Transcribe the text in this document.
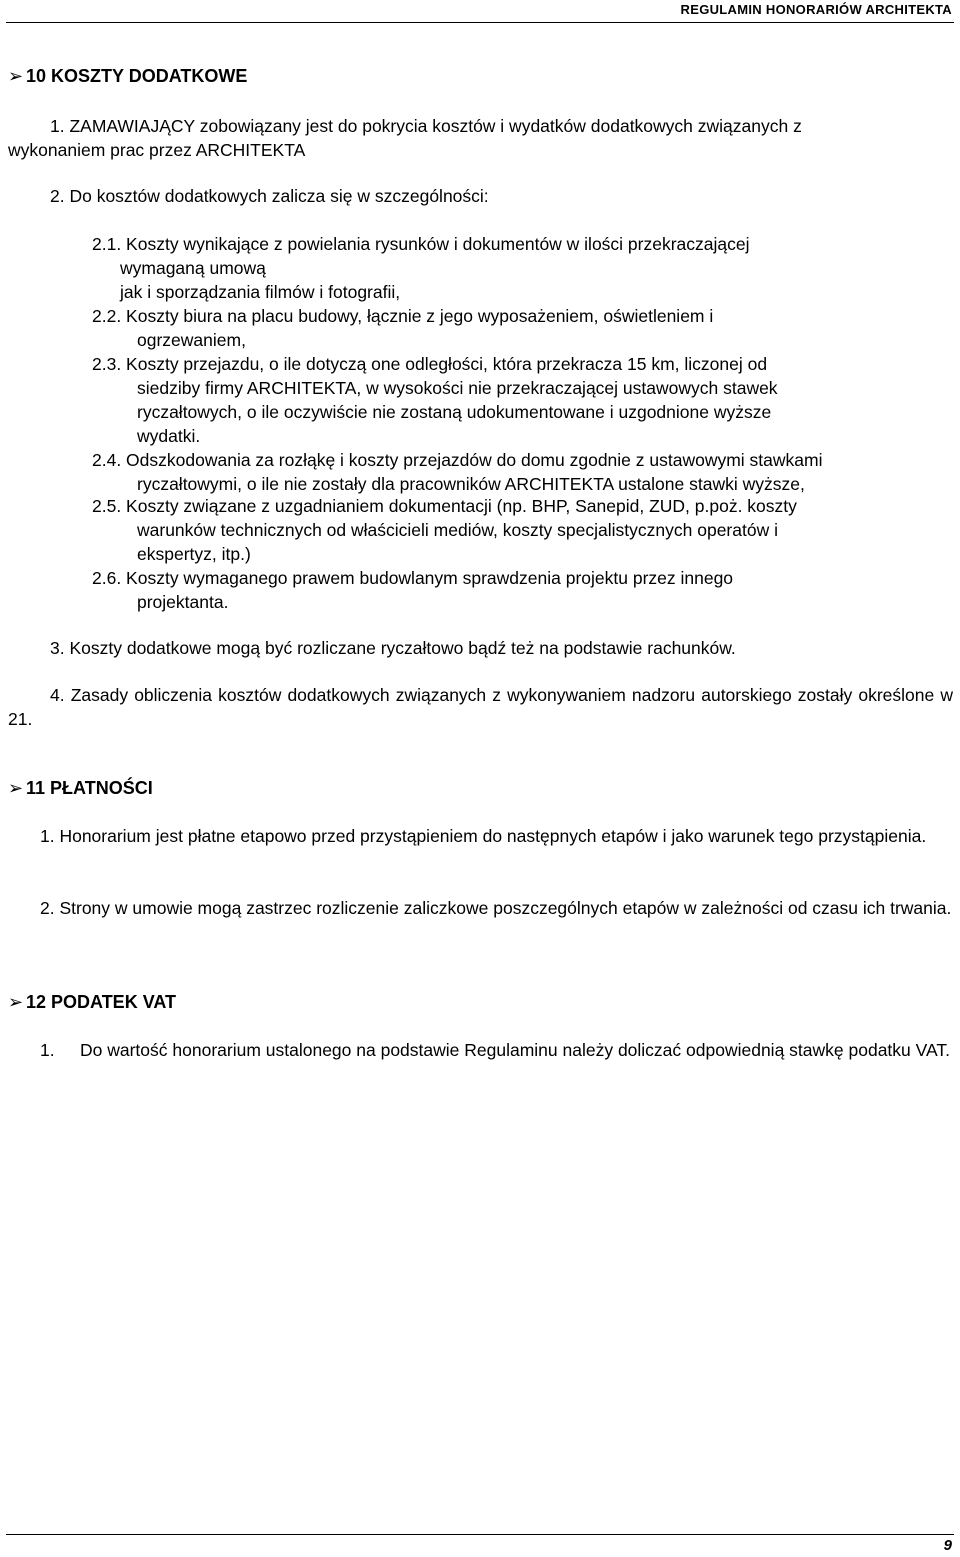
REGULAMIN HONORARIÓW ARCHITEKTA
➢ 10 KOSZTY DODATKOWE
1. ZAMAWIAJĄCY zobowiązany jest do pokrycia kosztów i wydatków dodatkowych związanych z
wykonaniem prac przez ARCHITEKTA
2. Do kosztów dodatkowych zalicza się w szczególności:
2.1. Koszty wynikające z powielania rysunków i dokumentów w ilości przekraczającej
wymaganą umową
jak i sporządzania filmów i fotografii,
2.2. Koszty biura na placu budowy, łącznie z jego wyposażeniem, oświetleniem i
ogrzewaniem,
2.3. Koszty przejazdu, o ile dotyczą one odległości, która przekracza 15 km, liczonej od
siedziby firmy ARCHITEKTA, w wysokości nie przekraczającej ustawowych stawek
ryczałtowych, o ile oczywiście nie zostaną udokumentowane i uzgodnione wyższe
wydatki.
2.4. Odszkodowania za rozłąkę i koszty przejazdów do domu zgodnie z ustawowymi stawkami
ryczałtowymi, o ile nie zostały dla pracowników ARCHITEKTA ustalone stawki wyższe,
2.5. Koszty związane z uzgadnianiem dokumentacji (np. BHP, Sanepid, ZUD, p.poż. koszty
warunków technicznych od właścicieli mediów, koszty specjalistycznych operatów i
ekspertyz, itp.)
2.6. Koszty wymaganego prawem budowlanym sprawdzenia projektu przez innego
projektanta.
3. Koszty dodatkowe mogą być rozliczane ryczałtowo bądź też na podstawie rachunków.
4. Zasady obliczenia kosztów dodatkowych związanych z wykonywaniem nadzoru autorskiego zostały określone w 21.
➢ 11 PŁATNOŚCI
1. Honorarium jest płatne etapowo przed przystąpieniem do następnych etapów i jako warunek tego przystąpienia.
2. Strony w umowie mogą zastrzec rozliczenie zaliczkowe poszczególnych etapów w zależności od czasu ich trwania.
➢ 12 PODATEK VAT
1. Do wartość honorarium ustalonego na podstawie Regulaminu należy doliczać odpowiednią stawkę podatku VAT.
9
